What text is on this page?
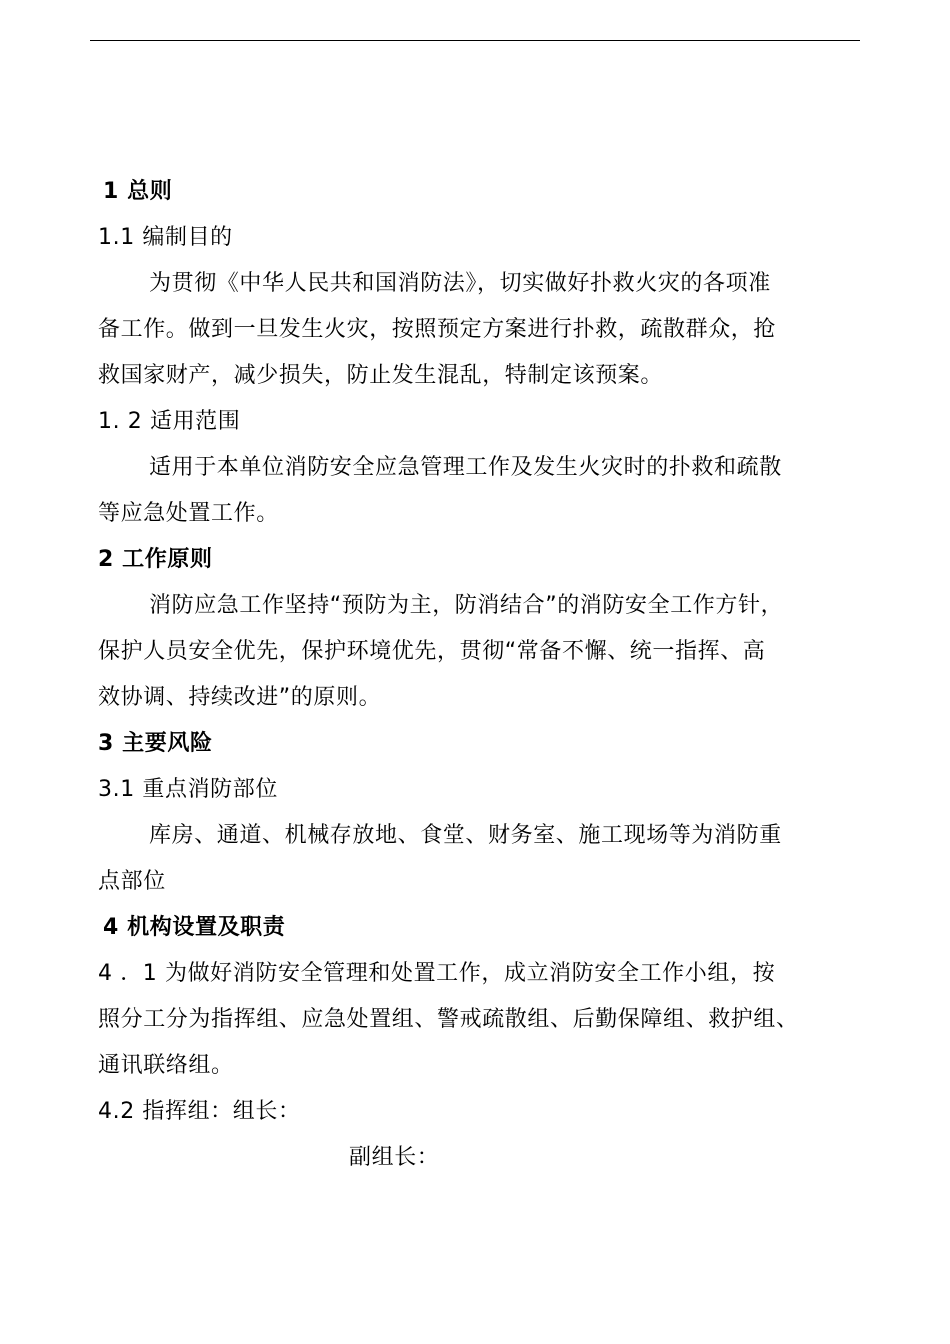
1 总则
1.1 编制目的
为贯彻《中华人民共和国消防法》，切实做好扑救火灾的各项准
备工作。做到一旦发生火灾，按照预定方案进行扑救，疏散群众，抢
救国家财产，减少损失，防止发生混乱，特制定该预案。
1. 2 适用范围
适用于本单位消防安全应急管理工作及发生火灾时的扑救和疏散
等应急处置工作。
2 工作原则
消防应急工作坚持“预防为主，防消结合”的消防安全工作方针，
保护人员安全优先，保护环境优先，贯彻“常备不懈、统一指挥、高
效协调、持续改进”的原则。
3 主要风险
3.1 重点消防部位
库房、通道、机械存放地、食堂、财务室、施工现场等为消防重
点部位
4 机构设置及职责
4 ．1 为做好消防安全管理和处置工作，成立消防安全工作小组，按
照分工分为指挥组、应急处置组、警戒疏散组、后勤保障组、救护组、
通讯联络组。
4.2 指挥组：组长：
副组长：
